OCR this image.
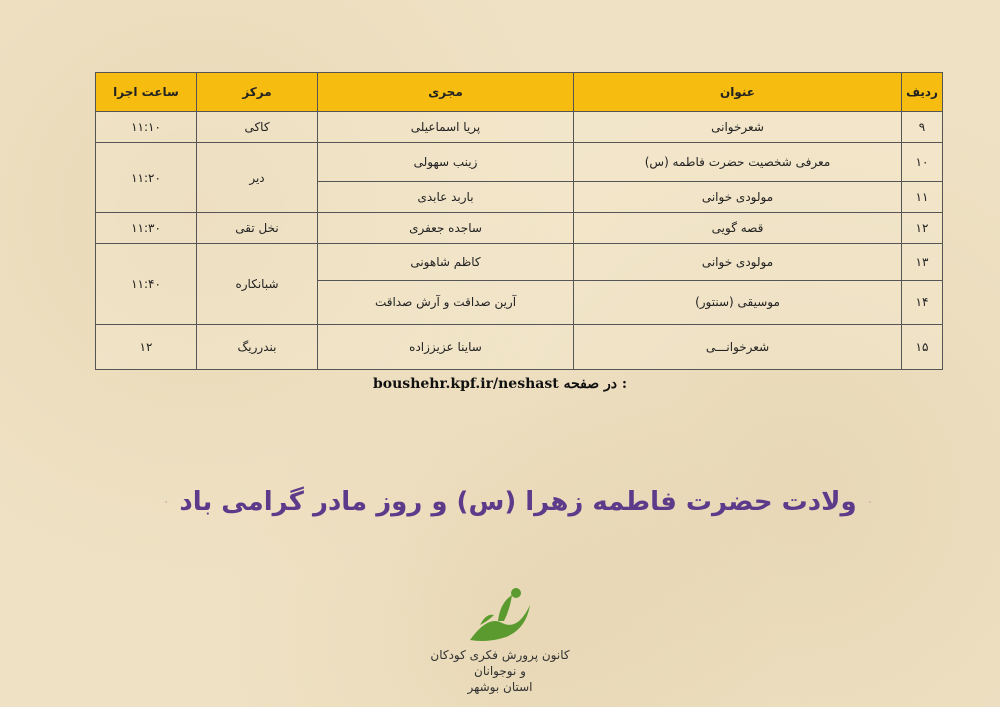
ردیف	عنوان	مجری	مرکز	ساعت اجرا
۹	شعرخوانی	پریا اسماعیلی	کاکی	۱۱:۱۰
۱۰	معرفی شخصیت حضرت فاطمه (س)	زینب سهولی	دیر	۱۱:۲۰
۱۱	مولودی خوانی	باربد عابدی		
۱۲	قصه گویی	ساجده جعفری	نخل تقی	۱۱:۳۰
۱۳	مولودی خوانی	کاظم شاهونی	شبانکاره	۱۱:۴۰
۱۴	موسیقی (سنتور)	آرین صداقت و آرش صداقت		
۱۵	شعرخوانـــی	ساینا عزیززاده	بندرریگ	۱۲
boushehr.kpf.ir/neshast در صفحه :
ولادت حضرت فاطمه زهرا (س) و روز مادر گرامی باد
کانون پرورش فکری کودکان و نوجوانان
استان بوشهر
